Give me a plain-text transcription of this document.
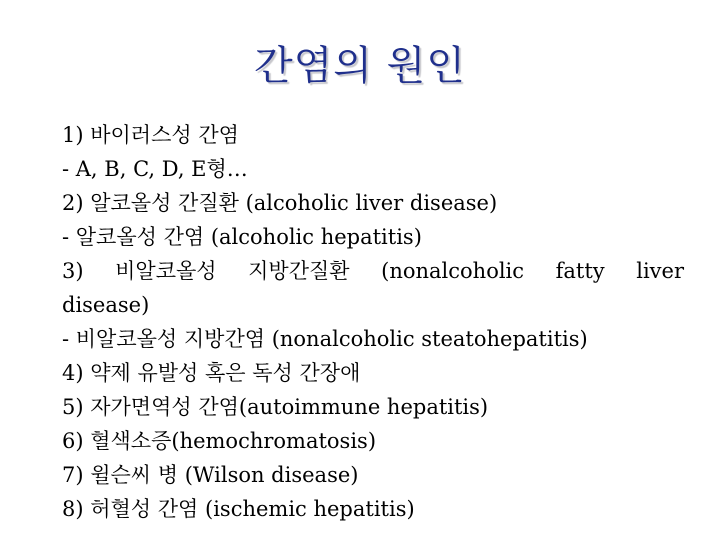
간염의 원인
1) 바이러스성 간염
- A, B, C, D, E형…
2) 알코올성 간질환 (alcoholic liver disease)
- 알코올성 간염 (alcoholic hepatitis)
3) 비알코올성 지방간질환 (nonalcoholic fatty liver
disease)
- 비알코올성 지방간염 (nonalcoholic steatohepatitis)
4) 약제 유발성 혹은 독성 간장애
5) 자가면역성 간염(autoimmune hepatitis)
6) 혈색소증(hemochromatosis)
7) 윌슨씨 병 (Wilson disease)
8) 허혈성 간염 (ischemic hepatitis)
